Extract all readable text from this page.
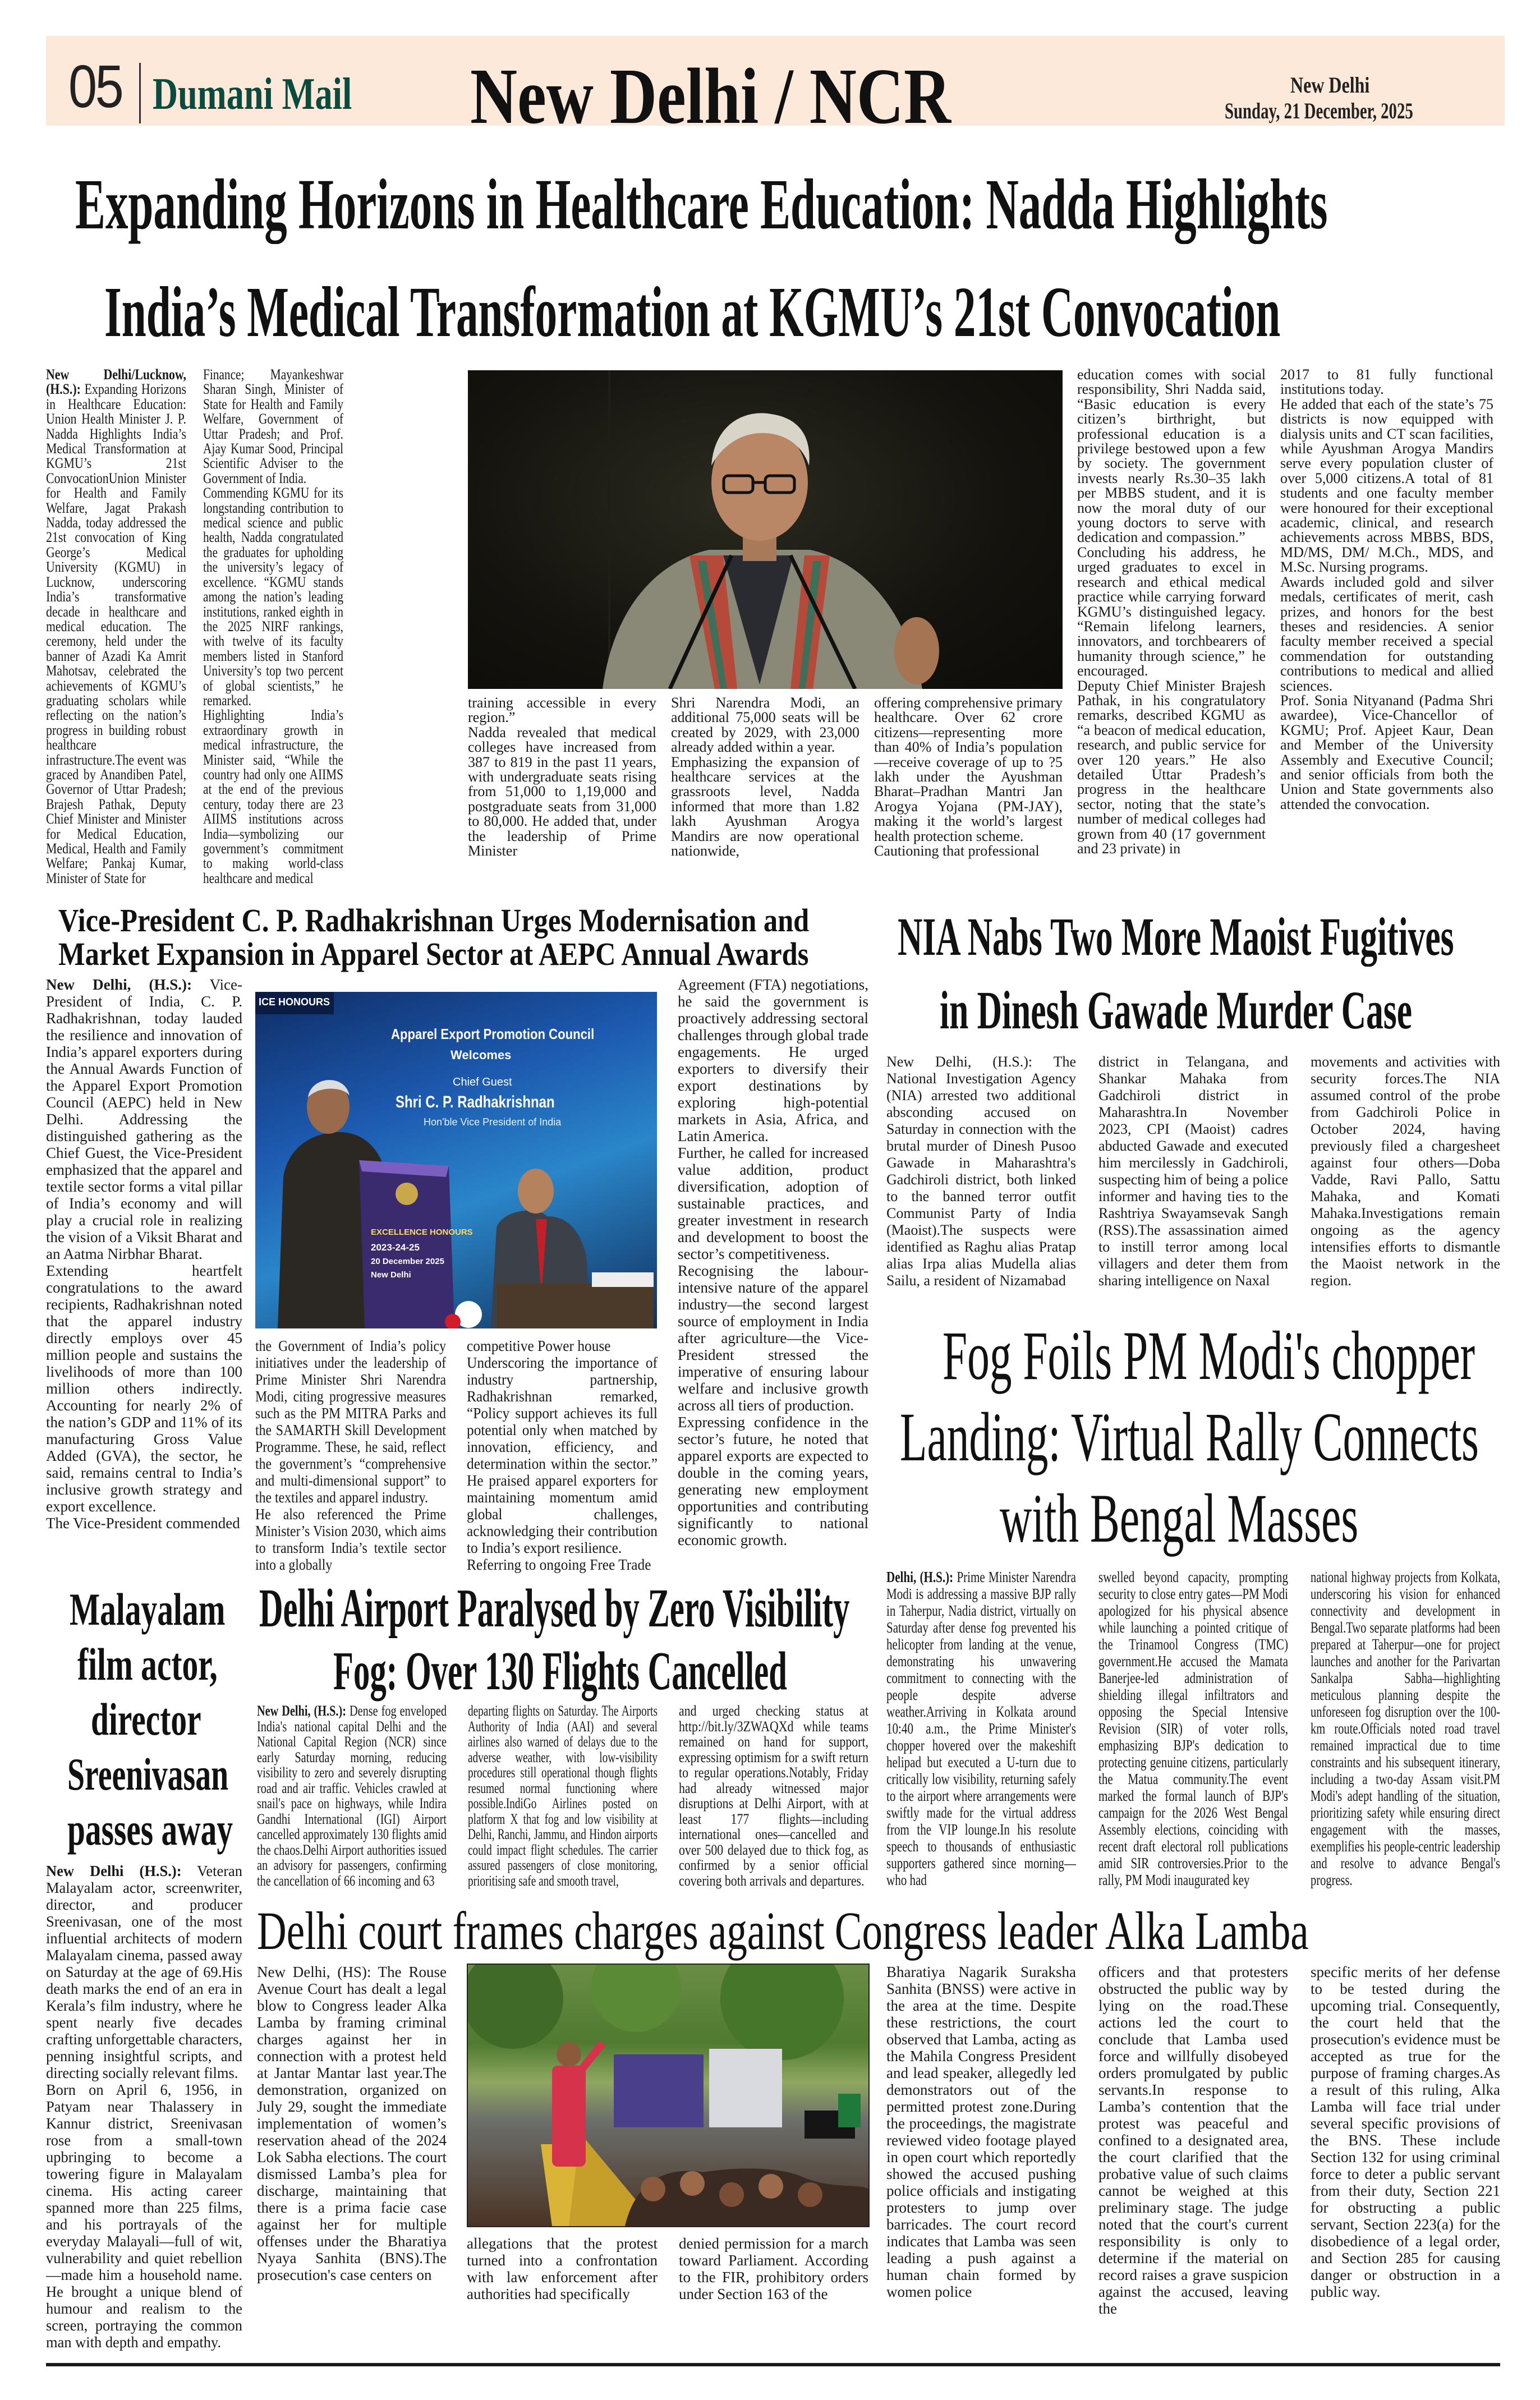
05 Dumani Mail New Delhi / NCR	New Delhi
Sunday, 21 December, 2025
Expanding Horizons in Healthcare Education: Nadda Highlights
India’s Medical Transformation at KGMU’s 21st Convocation

New Delhi/Lucknow, (H.S.): Expanding Horizons in Healthcare Education: Union Health Minister J. P. Nadda Highlights India’s Medical Transformation at KGMU’s 21st ConvocationUnion Minister for Health and Family Welfare, Jagat Prakash Nadda, today addressed the 21st convocation of King George’s Medical University (KGMU) in Lucknow, underscoring India’s transformative decade in healthcare and medical education. The ceremony, held under the banner of Azadi Ka Amrit Mahotsav, celebrated the achievements of KGMU’s graduating scholars while reflecting on the nation’s progress in building robust healthcare infrastructure.The event was graced by Anandiben Patel, Governor of Uttar Pradesh; Brajesh Pathak, Deputy Chief Minister and Minister for Medical Education, Medical, Health and Family Welfare; Pankaj Kumar, Minister of State for

Finance; Mayankeshwar Sharan Singh, Minister of State for Health and Family Welfare, Government of Uttar Pradesh; and Prof. Ajay Kumar Sood, Principal Scientific Adviser to the Government of India.

Commending KGMU for its longstanding contribution to medical science and public health, Nadda congratulated the graduates for upholding the university’s legacy of excellence. “KGMU stands among the nation’s leading institutions, ranked eighth in the 2025 NIRF rankings, with twelve of its faculty members listed in Stanford University’s top two percent of global scientists,” he remarked.

Highlighting India’s extraordinary growth in medical infrastructure, the Minister said, “While the country had only one AIIMS at the end of the previous century, today there are 23 AIIMS institutions across India—symbolizing our government’s commitment to making world-class healthcare and medical

training accessible in every region.”

Nadda revealed that medical colleges have increased from 387 to 819 in the past 11 years, with undergraduate seats rising from 51,000 to 1,19,000 and postgraduate seats from 31,000 to 80,000. He added that, under the leadership of Prime Minister

Shri Narendra Modi, an additional 75,000 seats will be created by 2029, with 23,000 already added within a year.

Emphasizing the expansion of healthcare services at the grassroots level, Nadda informed that more than 1.82 lakh Ayushman Arogya Mandirs are now operational nationwide,

offering comprehensive primary healthcare. Over 62 crore citizens—representing more than 40% of India’s population—receive coverage of up to ?5 lakh under the Ayushman Bharat–Pradhan Mantri Jan Arogya Yojana (PM-JAY), making it the world’s largest health protection scheme.

Cautioning that professional

education comes with social responsibility, Shri Nadda said, “Basic education is every citizen’s birthright, but professional education is a privilege bestowed upon a few by society. The government invests nearly Rs.30–35 lakh per MBBS student, and it is now the moral duty of our young doctors to serve with dedication and compassion.”

Concluding his address, he urged graduates to excel in research and ethical medical practice while carrying forward KGMU’s distinguished legacy. “Remain lifelong learners, innovators, and torchbearers of humanity through science,” he encouraged.

Deputy Chief Minister Brajesh Pathak, in his congratulatory remarks, described KGMU as “a beacon of medical education, research, and public service for over 120 years.” He also detailed Uttar Pradesh’s progress in the healthcare sector, noting that the state’s number of medical colleges had grown from 40 (17 government and 23 private) in

2017 to 81 fully functional institutions today.

He added that each of the state’s 75 districts is now equipped with dialysis units and CT scan facilities, while Ayushman Arogya Mandirs serve every population cluster of over 5,000 citizens.A total of 81 students and one faculty member were honoured for their exceptional academic, clinical, and research achievements across MBBS, BDS, MD/MS, DM/ M.Ch., MDS, and M.Sc. Nursing programs.

Awards included gold and silver medals, certificates of merit, cash prizes, and honors for the best theses and residencies. A senior faculty member received a special commendation for outstanding contributions to medical and allied sciences.

Prof. Sonia Nityanand (Padma Shri awardee), Vice-Chancellor of KGMU; Prof. Apjeet Kaur, Dean and Member of the University Assembly and Executive Council; and senior officials from both the Union and State governments also attended the convocation.

Vice-President C. P. Radhakrishnan Urges Modernisation and
Market Expansion in Apparel Sector at AEPC Annual Awards

New Delhi, (H.S.): Vice-President of India, C. P. Radhakrishnan, today lauded the resilience and innovation of India’s apparel exporters during the Annual Awards Function of the Apparel Export Promotion Council (AEPC) held in New Delhi. Addressing the distinguished gathering as the Chief Guest, the Vice-President emphasized that the apparel and textile sector forms a vital pillar of India’s economy and will play a crucial role in realizing the vision of a Viksit Bharat and an Aatma Nirbhar Bharat.

Extending heartfelt congratulations to the award recipients, Radhakrishnan noted that the apparel industry directly employs over 45 million people and sustains the livelihoods of more than 100 million others indirectly. Accounting for nearly 2% of the nation’s GDP and 11% of its manufacturing Gross Value Added (GVA), the sector, he said, remains central to India’s inclusive growth strategy and export excellence.

The Vice-President commended

ICE HONOURS
Apparel Export Promotion Council
Welcomes
Chief Guest
Shri C. P. Radhakrishnan
Hon'ble Vice President of India
EXCELLENCE HONOURS
2023-24-25
20 December 2025
New Delhi

the Government of India’s policy initiatives under the leadership of Prime Minister Shri Narendra Modi, citing progressive measures such as the PM MITRA Parks and the SAMARTH Skill Development Programme. These, he said, reflect the government’s “comprehensive and multi-dimensional support” to the textiles and apparel industry.

He also referenced the Prime Minister’s Vision 2030, which aims to transform India’s textile sector into a globally

competitive Power house

Underscoring the importance of industry partnership, Radhakrishnan remarked, “Policy support achieves its full potential only when matched by innovation, efficiency, and determination within the sector.” He praised apparel exporters for maintaining momentum amid global challenges, acknowledging their contribution to India’s export resilience.

Referring to ongoing Free Trade

Agreement (FTA) negotiations, he said the government is proactively addressing sectoral challenges through global trade engagements. He urged exporters to diversify their export destinations by exploring high-potential markets in Asia, Africa, and Latin America.

Further, he called for increased value addition, product diversification, adoption of sustainable practices, and greater investment in research and development to boost the sector’s competitiveness.

Recognising the labour-intensive nature of the apparel industry—the second largest source of employment in India after agriculture—the Vice-President stressed the imperative of ensuring labour welfare and inclusive growth across all tiers of production.

Expressing confidence in the sector’s future, he noted that apparel exports are expected to double in the coming years, generating new employment opportunities and contributing significantly to national economic growth.

NIA Nabs Two More Maoist Fugitives
in Dinesh Gawade Murder Case

New Delhi, (H.S.): The National Investigation Agency (NIA) arrested two additional absconding accused on Saturday in connection with the brutal murder of Dinesh Pusoo Gawade in Maharashtra's Gadchiroli district, both linked to the banned terror outfit Communist Party of India (Maoist).The suspects were identified as Raghu alias Pratap alias Irpa alias Mudella alias Sailu, a resident of Nizamabad

district in Telangana, and Shankar Mahaka from Gadchiroli district in Maharashtra.In November 2023, CPI (Maoist) cadres abducted Gawade and executed him mercilessly in Gadchiroli, suspecting him of being a police informer and having ties to the Rashtriya Swayamsevak Sangh (RSS).The assassination aimed to instill terror among local villagers and deter them from sharing intelligence on Naxal

movements and activities with security forces.The NIA assumed control of the probe from Gadchiroli Police in October 2024, having previously filed a chargesheet against four others—Doba Vadde, Ravi Pallo, Sattu Mahaka, and Komati Mahaka.Investigations remain ongoing as the agency intensifies efforts to dismantle the Maoist network in the region.

Fog Foils PM Modi's chopper
Landing: Virtual Rally Connects
with Bengal Masses

Delhi, (H.S.): Prime Minister Narendra Modi is addressing a massive BJP rally in Taherpur, Nadia district, virtually on Saturday after dense fog prevented his helicopter from landing at the venue, demonstrating his unwavering commitment to connecting with the people despite adverse weather.Arriving in Kolkata around 10:40 a.m., the Prime Minister's chopper hovered over the makeshift helipad but executed a U-turn due to critically low visibility, returning safely to the airport where arrangements were swiftly made for the virtual address from the VIP lounge.In his resolute speech to thousands of enthusiastic supporters gathered since morning—who had

swelled beyond capacity, prompting security to close entry gates—PM Modi apologized for his physical absence while launching a pointed critique of the Trinamool Congress (TMC) government.He accused the Mamata Banerjee-led administration of shielding illegal infiltrators and opposing the Special Intensive Revision (SIR) of voter rolls, emphasizing BJP's dedication to protecting genuine citizens, particularly the Matua community.The event marked the formal launch of BJP's campaign for the 2026 West Bengal Assembly elections, coinciding with recent draft electoral roll publications amid SIR controversies.Prior to the rally, PM Modi inaugurated key

national highway projects from Kolkata, underscoring his vision for enhanced connectivity and development in Bengal.Two separate platforms had been prepared at Taherpur—one for project launches and another for the Parivartan Sankalpa Sabha—highlighting meticulous planning despite the unforeseen fog disruption over the 100-km route.Officials noted road travel remained impractical due to time constraints and his subsequent itinerary, including a two-day Assam visit.PM Modi's adept handling of the situation, prioritizing safety while ensuring direct engagement with the masses, exemplifies his people-centric leadership and resolve to advance Bengal's progress.

Malayalam
film actor,
director
Sreenivasan
passes away

New Delhi (H.S.): Veteran Malayalam actor, screenwriter, director, and producer Sreenivasan, one of the most influential architects of modern Malayalam cinema, passed away on Saturday at the age of 69.His death marks the end of an era in Kerala’s film industry, where he spent nearly five decades crafting unforgettable characters, penning insightful scripts, and directing socially relevant films.

Born on April 6, 1956, in Patyam near Thalassery in Kannur district, Sreenivasan rose from a small-town upbringing to become a towering figure in Malayalam cinema. His acting career spanned more than 225 films, and his portrayals of the everyday Malayali—full of wit, vulnerability and quiet rebellion—made him a household name. He brought a unique blend of humour and realism to the screen, portraying the common man with depth and empathy.

Delhi Airport Paralysed by Zero Visibility
Fog: Over 130 Flights Cancelled

New Delhi, (H.S.): Dense fog enveloped India's national capital Delhi and the National Capital Region (NCR) since early Saturday morning, reducing visibility to zero and severely disrupting road and air traffic. Vehicles crawled at snail's pace on highways, while Indira Gandhi International (IGI) Airport cancelled approximately 130 flights amid the chaos.Delhi Airport authorities issued an advisory for passengers, confirming the cancellation of 66 incoming and 63

departing flights on Saturday. The Airports Authority of India (AAI) and several airlines also warned of delays due to the adverse weather, with low-visibility procedures still operational though flights resumed normal functioning where possible.IndiGo Airlines posted on platform X that fog and low visibility at Delhi, Ranchi, Jammu, and Hindon airports could impact flight schedules. The carrier assured passengers of close monitoring, prioritising safe and smooth travel,

and urged checking status at http://bit.ly/3ZWAQXd while teams remained on hand for support, expressing optimism for a swift return to regular operations.Notably, Friday had already witnessed major disruptions at Delhi Airport, with at least 177 flights—including international ones—cancelled and over 500 delayed due to thick fog, as confirmed by a senior official covering both arrivals and departures.

Delhi court frames charges against Congress leader Alka Lamba

New Delhi, (HS): The Rouse Avenue Court has dealt a legal blow to Congress leader Alka Lamba by framing criminal charges against her in connection with a protest held at Jantar Mantar last year.The demonstration, organized on July 29, sought the immediate implementation of women’s reservation ahead of the 2024 Lok Sabha elections. The court dismissed Lamba’s plea for discharge, maintaining that there is a prima facie case against her for multiple offenses under the Bharatiya Nyaya Sanhita (BNS).The prosecution's case centers on

allegations that the protest turned into a confrontation with law enforcement after authorities had specifically

denied permission for a march toward Parliament. According to the FIR, prohibitory orders under Section 163 of the

Bharatiya Nagarik Suraksha Sanhita (BNSS) were active in the area at the time. Despite these restrictions, the court observed that Lamba, acting as the Mahila Congress President and lead speaker, allegedly led demonstrators out of the permitted protest zone.During the proceedings, the magistrate reviewed video footage played in open court which reportedly showed the accused pushing police officials and instigating protesters to jump over barricades. The court record indicates that Lamba was seen leading a push against a human chain formed by women police

officers and that protesters obstructed the public way by lying on the road.These actions led the court to conclude that Lamba used force and willfully disobeyed orders promulgated by public servants.In response to Lamba’s contention that the protest was peaceful and confined to a designated area, the court clarified that the probative value of such claims cannot be weighed at this preliminary stage. The judge noted that the court's current responsibility is only to determine if the material on record raises a grave suspicion against the accused, leaving the

specific merits of her defense to be tested during the upcoming trial. Consequently, the court held that the prosecution's evidence must be accepted as true for the purpose of framing charges.As a result of this ruling, Alka Lamba will face trial under several specific provisions of the BNS. These include Section 132 for using criminal force to deter a public servant from their duty, Section 221 for obstructing a public servant, Section 223(a) for the disobedience of a legal order, and Section 285 for causing danger or obstruction in a public way.
